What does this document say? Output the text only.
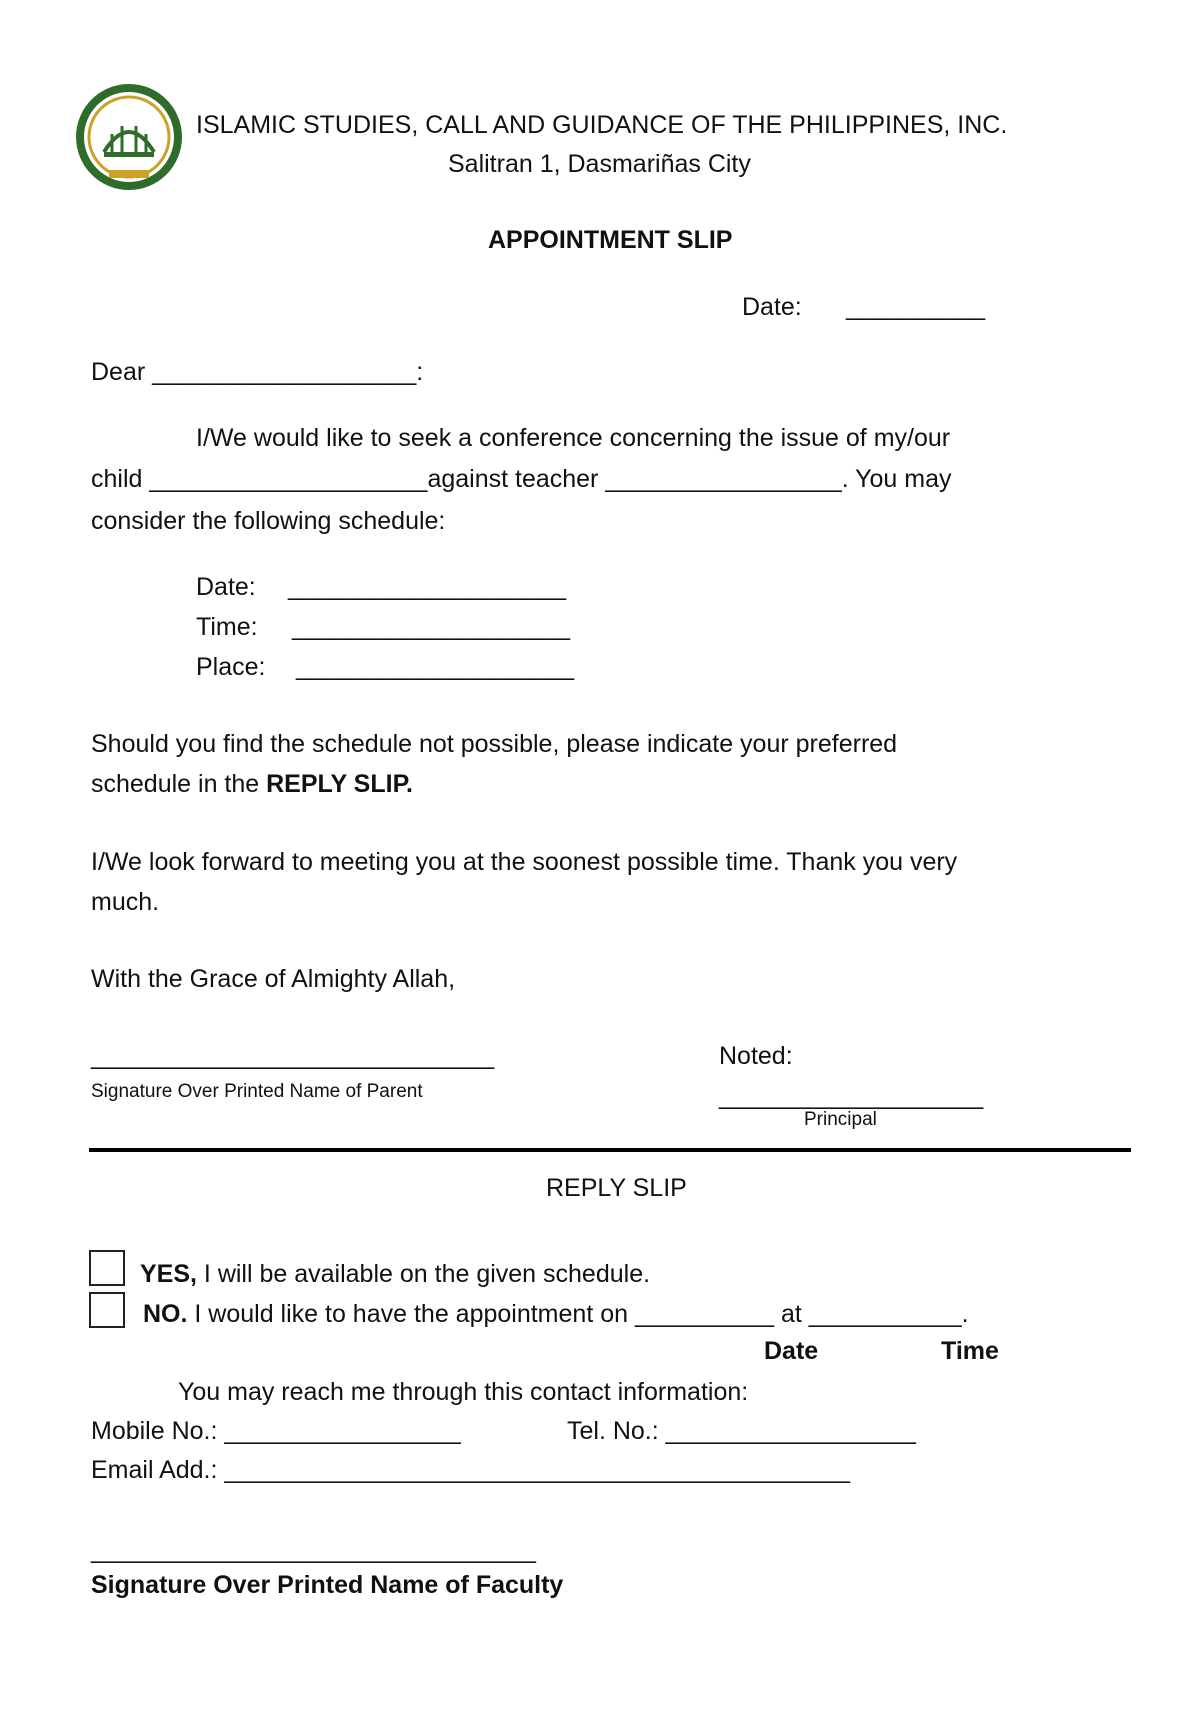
ISLAMIC STUDIES, CALL AND GUIDANCE OF THE PHILIPPINES, INC.
Salitran 1, Dasmariñas City
APPOINTMENT SLIP
Date: __________
Dear ___________________:
I/We would like to seek a conference concerning the issue of my/our
child ____________________against teacher _________________. You may
consider the following schedule:
Date: ____________________
Time: ____________________
Place: ____________________
Should you find the schedule not possible, please indicate your preferred
schedule in the REPLY SLIP.
I/We look forward to meeting you at the soonest possible time. Thank you very
much.
With the Grace of Almighty Allah,
_____________________________
Signature Over Printed Name of Parent
Noted:
___________________
Principal
REPLY SLIP
YES, I will be available on the given schedule.
NO. I would like to have the appointment on __________ at ___________.
Date	Time
You may reach me through this contact information:
Mobile No.: _________________	Tel. No.: __________________
Email Add.: _____________________________________________
________________________________
Signature Over Printed Name of Faculty
